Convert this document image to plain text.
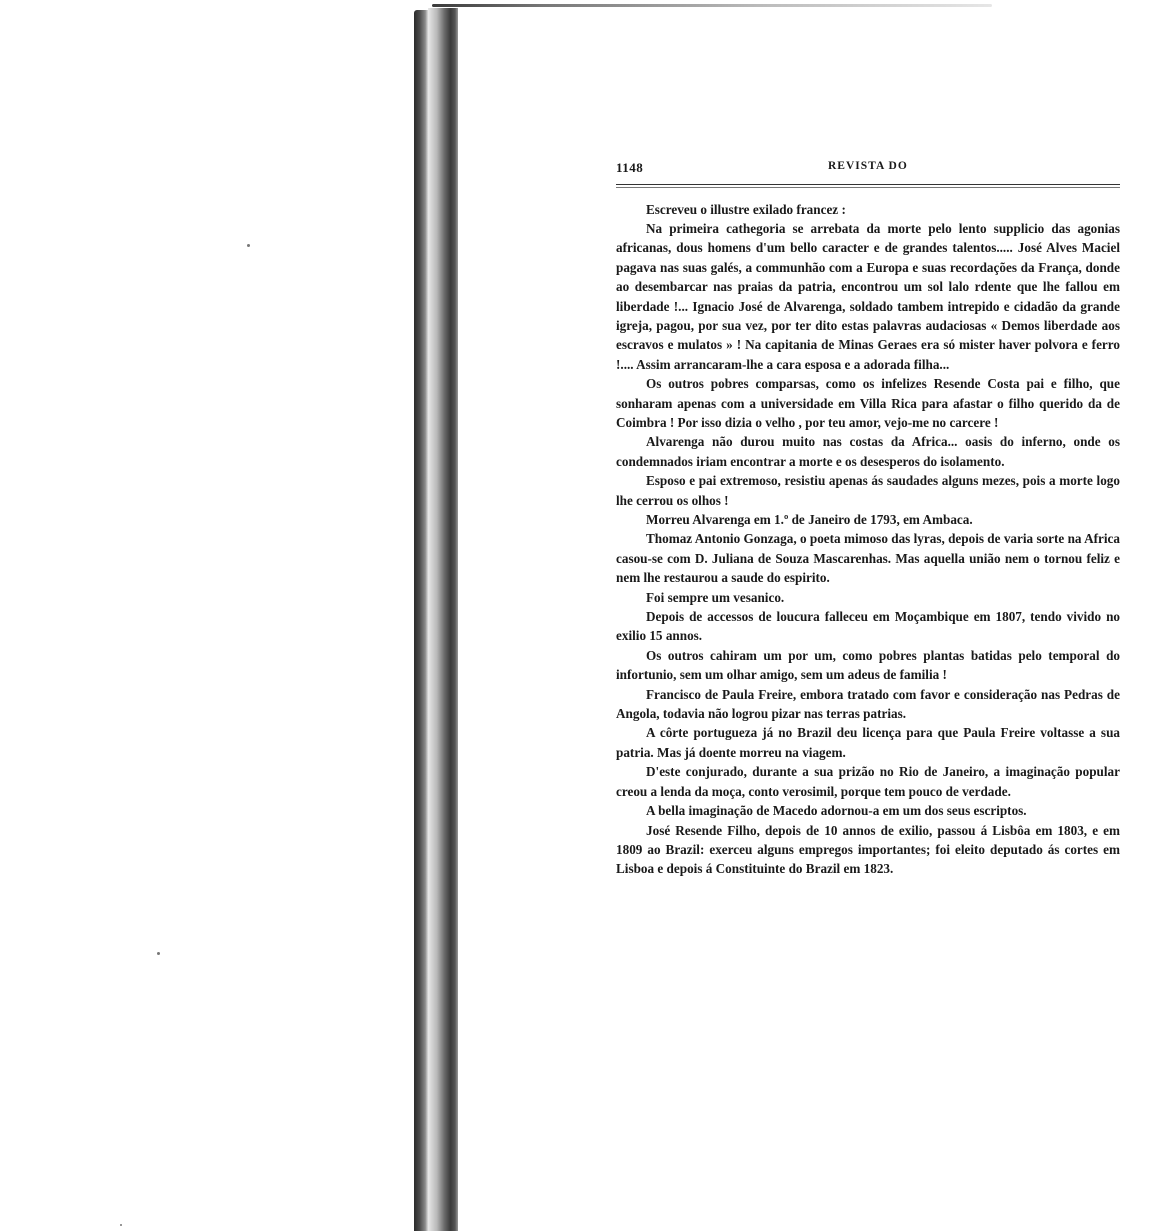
1148	REVISTA DO

Escreveu o illustre exilado francez :

Na primeira cathegoria se arrebata da morte pelo lento supplicio das agonias africanas, dous homens d'um bello caracter e de grandes talentos..... José Alves Maciel pagava nas suas galés, a communhão com a Europa e suas recordações da França, donde ao desembarcar nas praias da patria, encontrou um sol lalo rdente que lhe fallou em liberdade !... Ignacio José de Alvarenga, soldado tambem intrepido e cidadão da grande igreja, pagou, por sua vez, por ter dito estas palavras audaciosas « Demos liberdade aos escravos e mulatos » ! Na capitania de Minas Geraes era só mister haver polvora e ferro !.... Assim arrancaram-lhe a cara esposa e a adorada filha...

Os outros pobres comparsas, como os infelizes Resende Costa pai e filho, que sonharam apenas com a universidade em Villa Rica para afastar o filho querido da de Coimbra ! Por isso dizia o velho , por teu amor, vejo-me no carcere !

Alvarenga não durou muito nas costas da Africa... oasis do inferno, onde os condemnados iriam encontrar a morte e os desesperos do isolamento.

Esposo e pai extremoso, resistiu apenas ás saudades alguns mezes, pois a morte logo lhe cerrou os olhos !

Morreu Alvarenga em 1.º de Janeiro de 1793, em Ambaca.

Thomaz Antonio Gonzaga, o poeta mimoso das lyras, depois de varia sorte na Africa casou-se com D. Juliana de Souza Mascarenhas. Mas aquella união nem o tornou feliz e nem lhe restaurou a saude do espirito.

Foi sempre um vesanico.

Depois de accessos de loucura falleceu em Moçambique em 1807, tendo vivido no exilio 15 annos.

Os outros cahiram um por um, como pobres plantas batidas pelo temporal do infortunio, sem um olhar amigo, sem um adeus de familia !

Francisco de Paula Freire, embora tratado com favor e consideração nas Pedras de Angola, todavia não logrou pizar nas terras patrias.

A côrte portugueza já no Brazil deu licença para que Paula Freire voltasse a sua patria. Mas já doente morreu na viagem.

D'este conjurado, durante a sua prizão no Rio de Janeiro, a imaginação popular creou a lenda da moça, conto verosimil, porque tem pouco de verdade.

A bella imaginação de Macedo adornou-a em um dos seus escriptos.

José Resende Filho, depois de 10 annos de exilio, passou á Lisbôa em 1803, e em 1809 ao Brazil: exerceu alguns empregos importantes; foi eleito deputado ás cortes em Lisboa e depois á Constituinte do Brazil em 1823.
